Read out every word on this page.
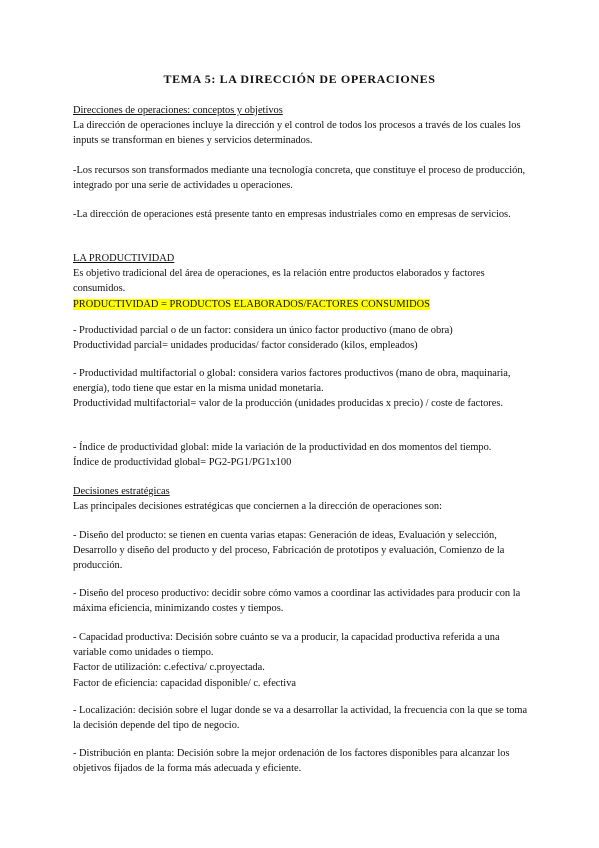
TEMA 5: LA DIRECCIÓN DE OPERACIONES

Direcciones de operaciones: conceptos y objetivos

La dirección de operaciones incluye la dirección y el control de todos los procesos a través de los cuales los inputs se transforman en bienes y servicios determinados.

-Los recursos son transformados mediante una tecnología concreta, que constituye el proceso de producción, integrado por una serie de actividades u operaciones.

-La dirección de operaciones está presente tanto en empresas industriales como en empresas de servicios.

LA PRODUCTIVIDAD

Es objetivo tradicional del área de operaciones, es la relación entre productos elaborados y factores consumidos.

PRODUCTIVIDAD = PRODUCTOS ELABORADOS/FACTORES CONSUMIDOS

- Productividad parcial o de un factor: considera un único factor productivo (mano de obra)

Productividad parcial= unidades producidas/ factor considerado (kilos, empleados)

- Productividad multifactorial o global: considera varios factores productivos (mano de obra, maquinaria, energía), todo tiene que estar en la misma unidad monetaria.

Productividad multifactorial= valor de la producción (unidades producidas x precio) / coste de factores.

- Índice de productividad global: mide la variación de la productividad en dos momentos del tiempo.

Índice de productividad global= PG2-PG1/PG1x100

Decisiones estratégicas

Las principales decisiones estratégicas que conciernen a la dirección de operaciones son:

- Diseño del producto: se tienen en cuenta varias etapas: Generación de ideas, Evaluación y selección, Desarrollo y diseño del producto y del proceso, Fabricación de prototipos y evaluación, Comienzo de la producción.

- Diseño del proceso productivo: decidir sobre cómo vamos a coordinar las actividades para producir con la máxima eficiencia, minimizando costes y tiempos.

- Capacidad productiva: Decisión sobre cuánto se va a producir, la capacidad productiva referida a una variable como unidades o tiempo.

Factor de utilización: c.efectiva/ c.proyectada.

Factor de eficiencia: capacidad disponible/ c. efectiva

- Localización: decisión sobre el lugar donde se va a desarrollar la actividad, la frecuencia con la que se toma la decisión depende del tipo de negocio.

- Distribución en planta: Decisión sobre la mejor ordenación de los factores disponibles para alcanzar los objetivos fijados de la forma más adecuada y eficiente.
